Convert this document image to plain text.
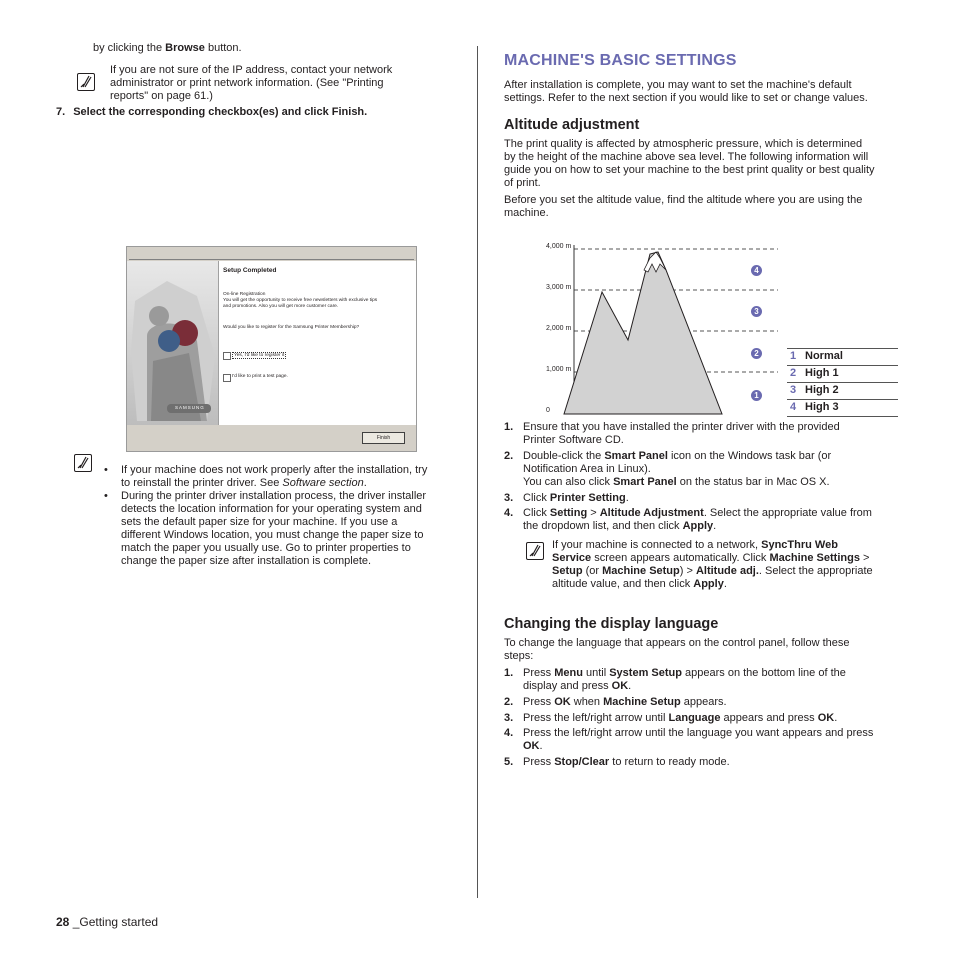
by clicking the Browse button.
If you are not sure of the IP address, contact your network
administrator or print network information. (See "Printing
reports" on page 61.)
7. Select the corresponding checkbox(es) and click Finish.
SAMSUNG
Setup Completed
On-line Registration
You will get the opportunity to receive free newsletters with exclusive tips
and promotions. Also you will get more customer care.
Would you like to register for the Samsung Printer Membership?
Yes, I'd like to register it
I'd like to print a test page.
Finish
• If your machine does not work properly after the installation, try
to reinstall the printer driver. See Software section.
• During the printer driver installation process, the driver installer
detects the location information for your operating system and
sets the default paper size for your machine. If you use a
different Windows location, you must change the paper size to
match the paper you usually use. Go to printer properties to
change the paper size after installation is complete.
28 _Getting started
MACHINE'S BASIC SETTINGS
After installation is complete, you may want to set the machine's default
settings. Refer to the next section if you would like to set or change values.
Altitude adjustment
The print quality is affected by atmospheric pressure, which is determined
by the height of the machine above sea level. The following information will
guide you on how to set your machine to the best print quality or best quality
of print.
Before you set the altitude value, find the altitude where you are using the
machine.
4,000 m
3,000 m
2,000 m
1,000 m
0
4
3
2
1
1 Normal
2 High 1
3 High 2
4 High 3
1. Ensure that you have installed the printer driver with the provided
Printer Software CD.
2. Double-click the Smart Panel icon on the Windows task bar (or
Notification Area in Linux).
You can also click Smart Panel on the status bar in Mac OS X.
3. Click Printer Setting.
4. Click Setting > Altitude Adjustment. Select the appropriate value from
the dropdown list, and then click Apply.
If your machine is connected to a network, SyncThru Web
Service screen appears automatically. Click Machine Settings >
Setup (or Machine Setup) > Altitude adj.. Select the appropriate
altitude value, and then click Apply.
Changing the display language
To change the language that appears on the control panel, follow these
steps:
1. Press Menu until System Setup appears on the bottom line of the
display and press OK.
2. Press OK when Machine Setup appears.
3. Press the left/right arrow until Language appears and press OK.
4. Press the left/right arrow until the language you want appears and press
OK.
5. Press Stop/Clear to return to ready mode.
